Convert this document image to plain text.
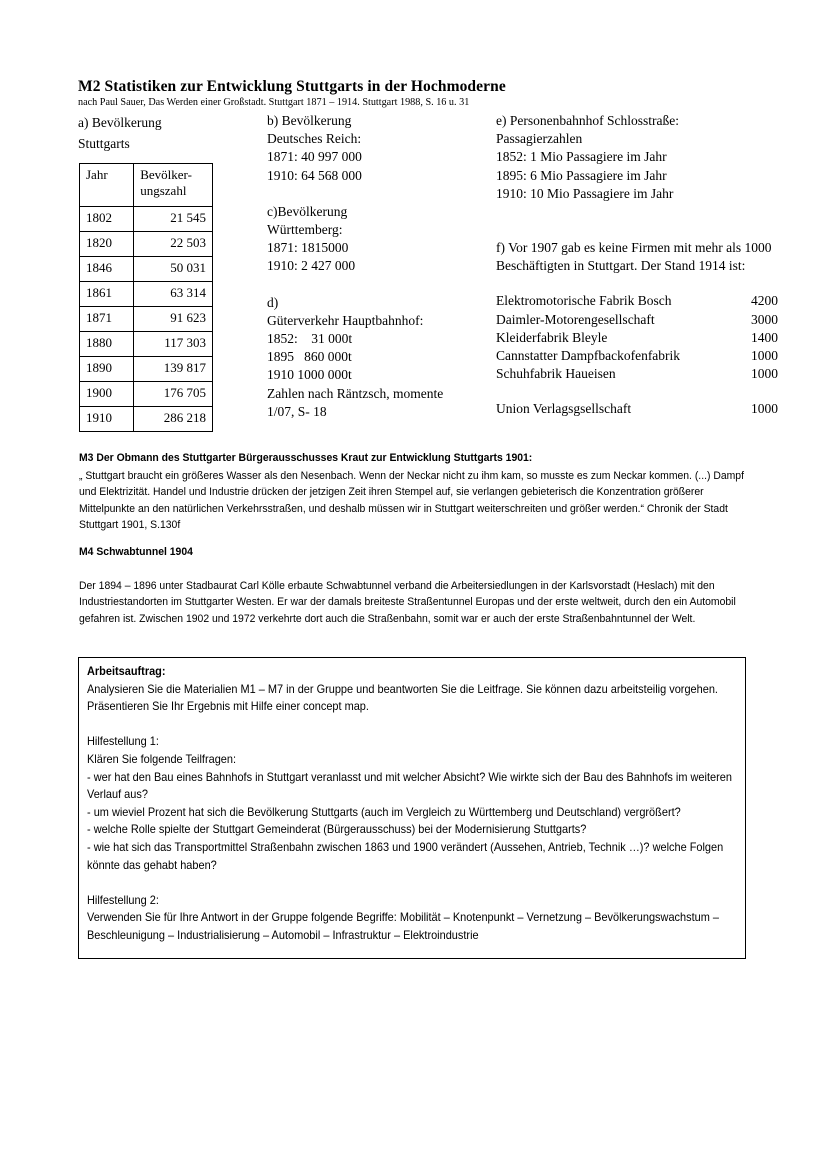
M2 Statistiken zur Entwicklung Stuttgarts in der Hochmoderne
nach Paul Sauer, Das Werden einer Großstadt. Stuttgart 1871 – 1914. Stuttgart 1988, S. 16 u. 31
a) Bevölkerung
Stuttgarts
Jahr	Bevölker-
ungszahl
1802	21 545
1820	22 503
1846	50 031
1861	63 314
1871	91 623
1880	117 303
1890	139 817
1900	176 705
1910	286 218
b) Bevölkerung
Deutsches Reich:
1871: 40 997 000
1910: 64 568 000
c)Bevölkerung
Württemberg:
1871: 1815000
1910: 2 427 000
d)
Güterverkehr Hauptbahnhof:
1852:    31 000t
1895   860 000t
1910 1000 000t
Zahlen nach Räntzsch, momente
1/07, S- 18
e) Personenbahnhof Schlosstraße:
Passagierzahlen
1852: 1 Mio Passagiere im Jahr
1895: 6 Mio Passagiere im Jahr
1910: 10 Mio Passagiere im Jahr
f) Vor 1907 gab es keine Firmen mit mehr als 1000
Beschäftigten in Stuttgart. Der Stand 1914 ist:
Elektromotorische Fabrik Bosch	4200
Daimler-Motorengesellschaft	3000
Kleiderfabrik Bleyle	1400
Cannstatter Dampfbackofenfabrik	1000
Schuhfabrik Haueisen	1000
Union Verlagsgsellschaft	1000
M3 Der Obmann des Stuttgarter Bürgerausschusses Kraut zur Entwicklung Stuttgarts 1901:
„ Stuttgart braucht ein größeres Wasser als den Nesenbach. Wenn der Neckar nicht zu ihm kam, so musste es zum Neckar kommen. (...) Dampf und Elektrizität. Handel und Industrie drücken der jetzigen Zeit ihren Stempel auf, sie verlangen gebieterisch die Konzentration größerer Mittelpunkte an den natürlichen Verkehrsstraßen, und deshalb müssen wir in Stuttgart weiterschreiten und größer werden.“ Chronik der Stadt Stuttgart 1901, S.130f
M4 Schwabtunnel 1904
Der 1894 – 1896 unter Stadbaurat Carl Kölle erbaute Schwabtunnel verband die Arbeitersiedlungen in der Karlsvorstadt (Heslach) mit den Industriestandorten im Stuttgarter Westen. Er war der damals breiteste Straßentunnel Europas und der erste weltweit, durch den ein Automobil gefahren ist. Zwischen 1902 und 1972 verkehrte dort auch die Straßenbahn, somit war er auch der erste Straßenbahntunnel der Welt.

Arbeitsauftrag:

Analysieren Sie die Materialien M1 – M7 in der Gruppe und beantworten Sie die Leitfrage. Sie können dazu arbeitsteilig vorgehen. Präsentieren Sie Ihr Ergebnis mit Hilfe einer concept map.

Hilfestellung 1:

Klären Sie folgende Teilfragen:

- wer hat den Bau eines Bahnhofs in Stuttgart veranlasst und mit welcher Absicht? Wie wirkte sich der Bau des Bahnhofs im weiteren Verlauf aus?

- um wieviel Prozent hat sich die Bevölkerung Stuttgarts (auch im Vergleich zu Württemberg und Deutschland) vergrößert?

- welche Rolle spielte der Stuttgart Gemeinderat (Bürgerausschuss) bei der Modernisierung Stuttgarts?

- wie hat sich das Transportmittel Straßenbahn zwischen 1863 und 1900 verändert (Aussehen, Antrieb, Technik …)? welche Folgen könnte das gehabt haben?

Hilfestellung 2:

Verwenden Sie für Ihre Antwort in der Gruppe folgende Begriffe: Mobilität – Knotenpunkt – Vernetzung – Bevölkerungswachstum – Beschleunigung – Industrialisierung – Automobil – Infrastruktur – Elektroindustrie
